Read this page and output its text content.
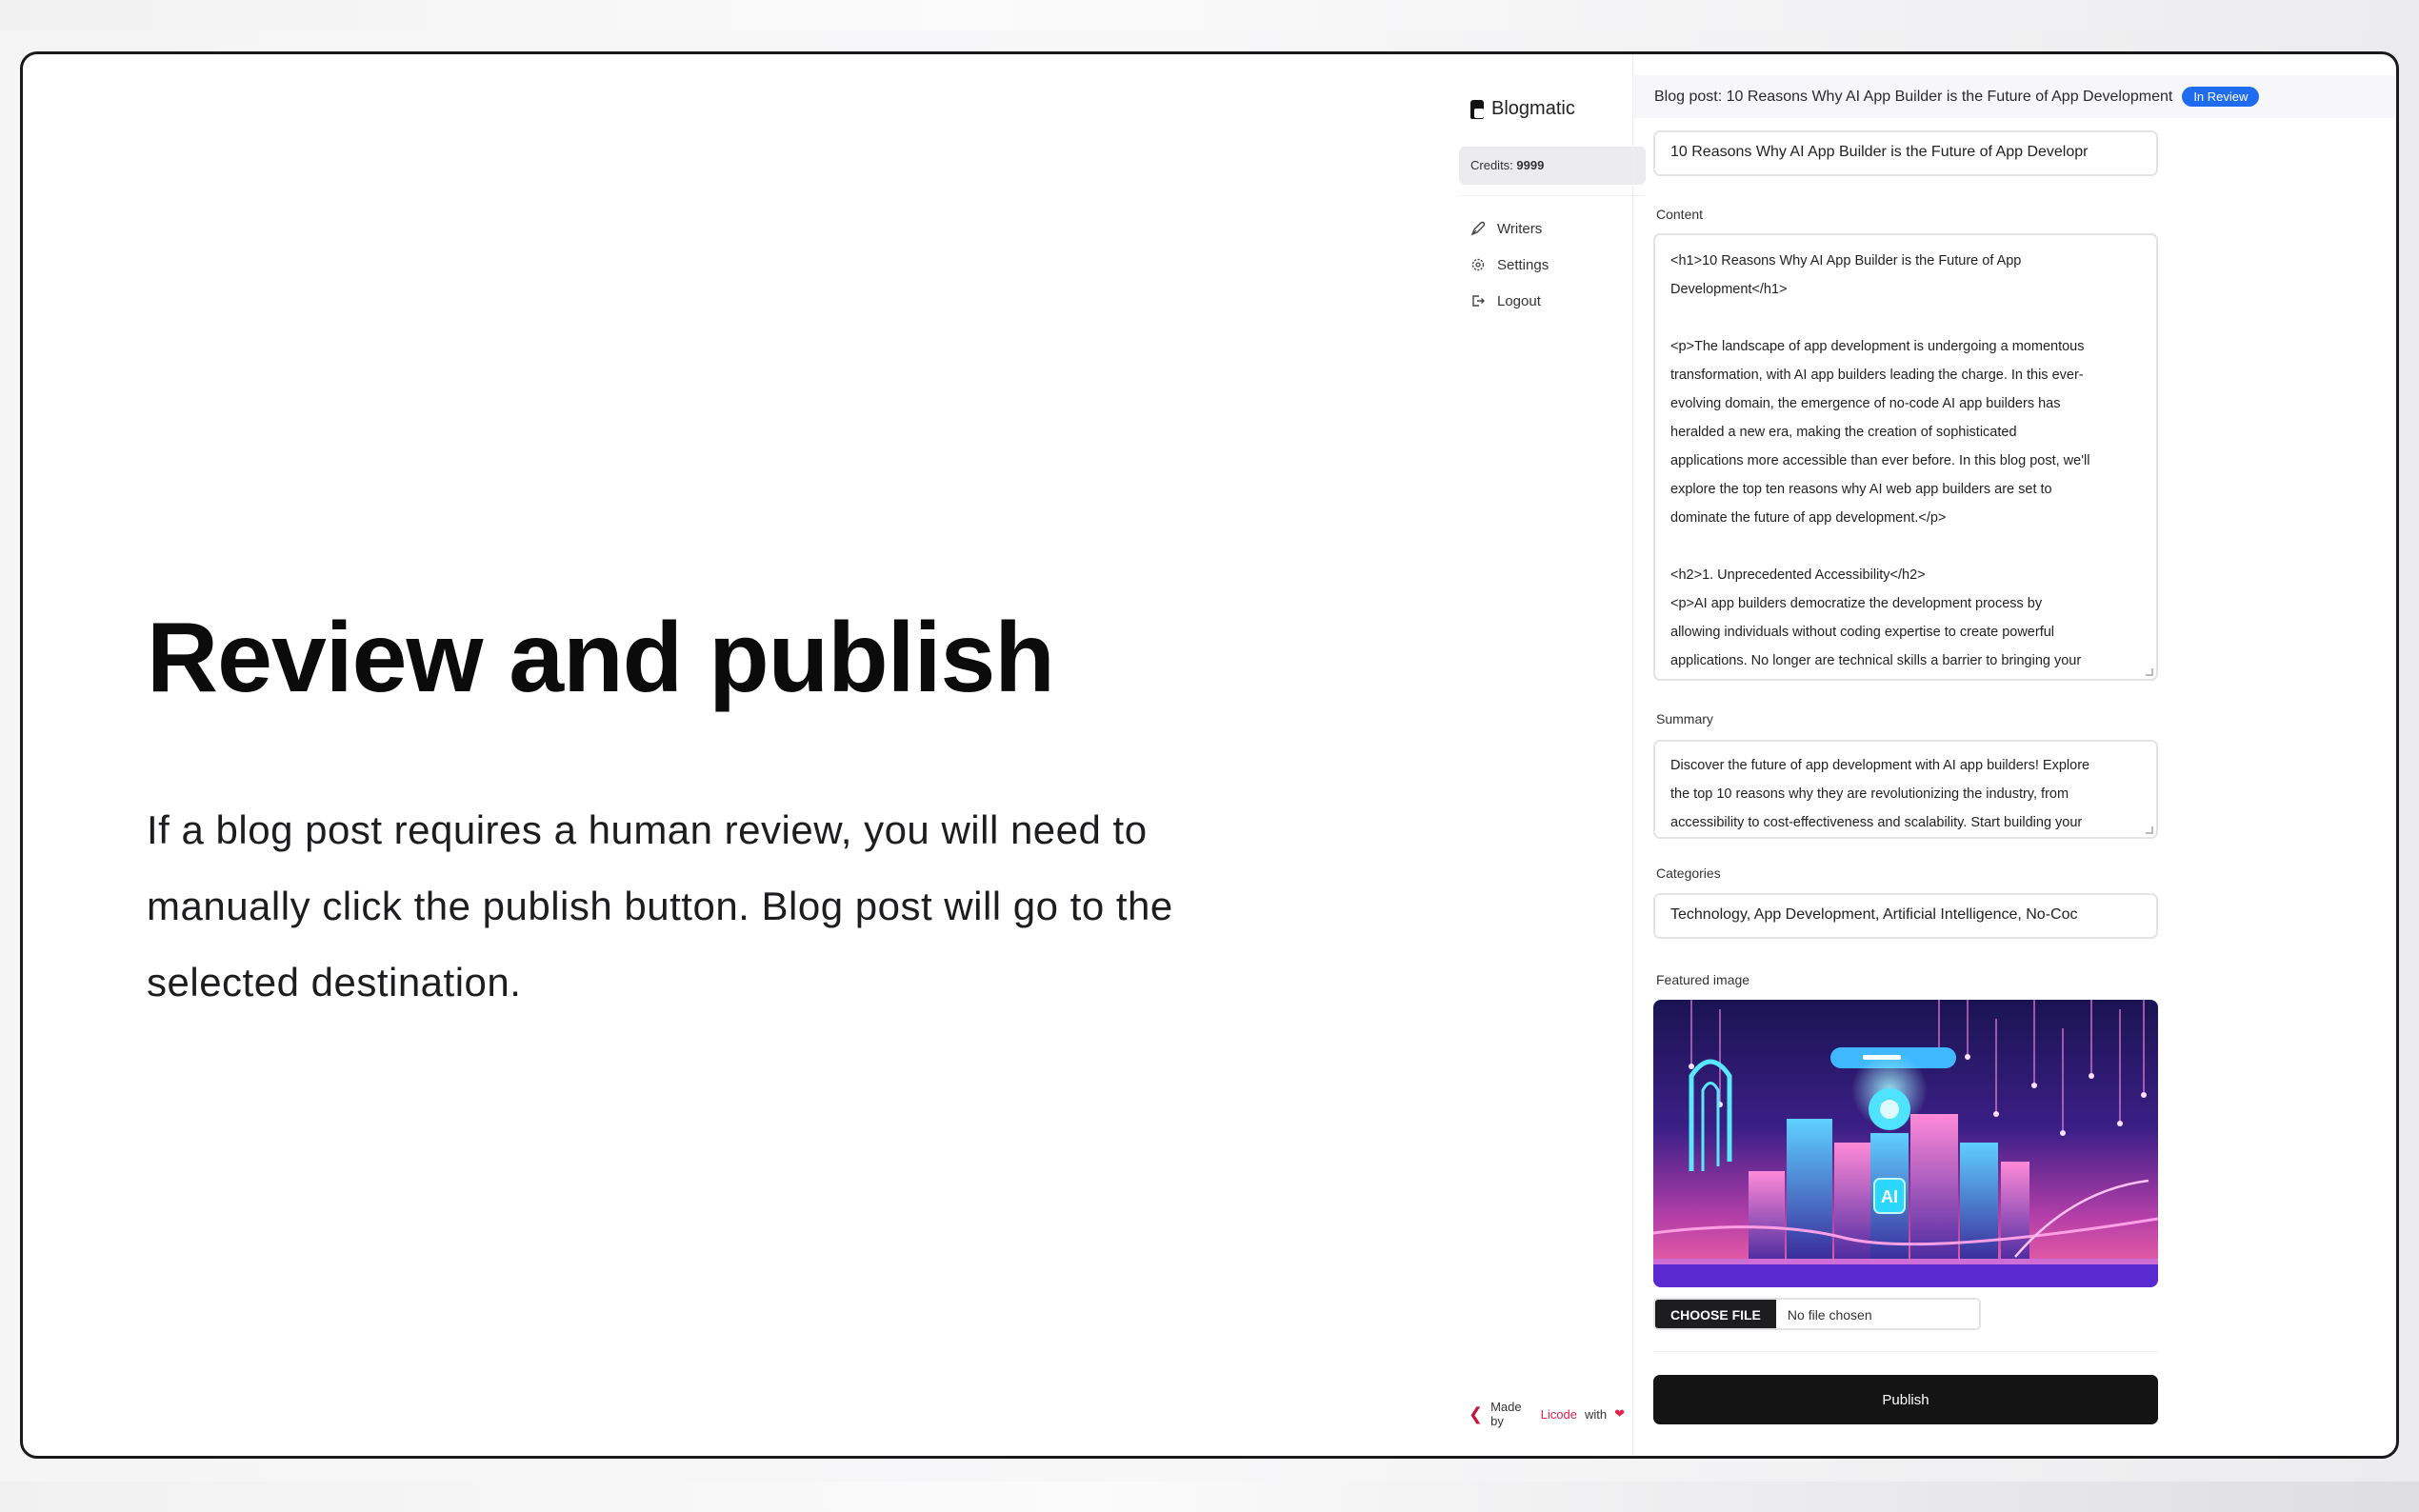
Review and publish

If a blog post requires a human review, you will need to manually click the publish button. Blog post will go to the selected destination.

Blogmatic
Credits: 9999
Writers
Settings
Logout
❮ Made by	Licode with ❤
Blog post: 10 Reasons Why AI App Builder is the Future of App Development	In Review
10 Reasons Why AI App Builder is the Future of App Developr
Content

<h1>10 Reasons Why AI App Builder is the Future of App

Development</h1>

<p>The landscape of app development is undergoing a momentous

transformation, with AI app builders leading the charge. In this ever-

evolving domain, the emergence of no-code AI app builders has

heralded a new era, making the creation of sophisticated

applications more accessible than ever before. In this blog post, we'll

explore the top ten reasons why AI web app builders are set to

dominate the future of app development.</p>

<h2>1. Unprecedented Accessibility</h2>

<p>AI app builders democratize the development process by

allowing individuals without coding expertise to create powerful

applications. No longer are technical skills a barrier to bringing your

Summary

Discover the future of app development with AI app builders! Explore

the top 10 reasons why they are revolutionizing the industry, from

accessibility to cost-effectiveness and scalability. Start building your

Categories
Technology, App Development, Artificial Intelligence, No-Coc
Featured image
AI
CHOOSE FILE	No file chosen
Publish
